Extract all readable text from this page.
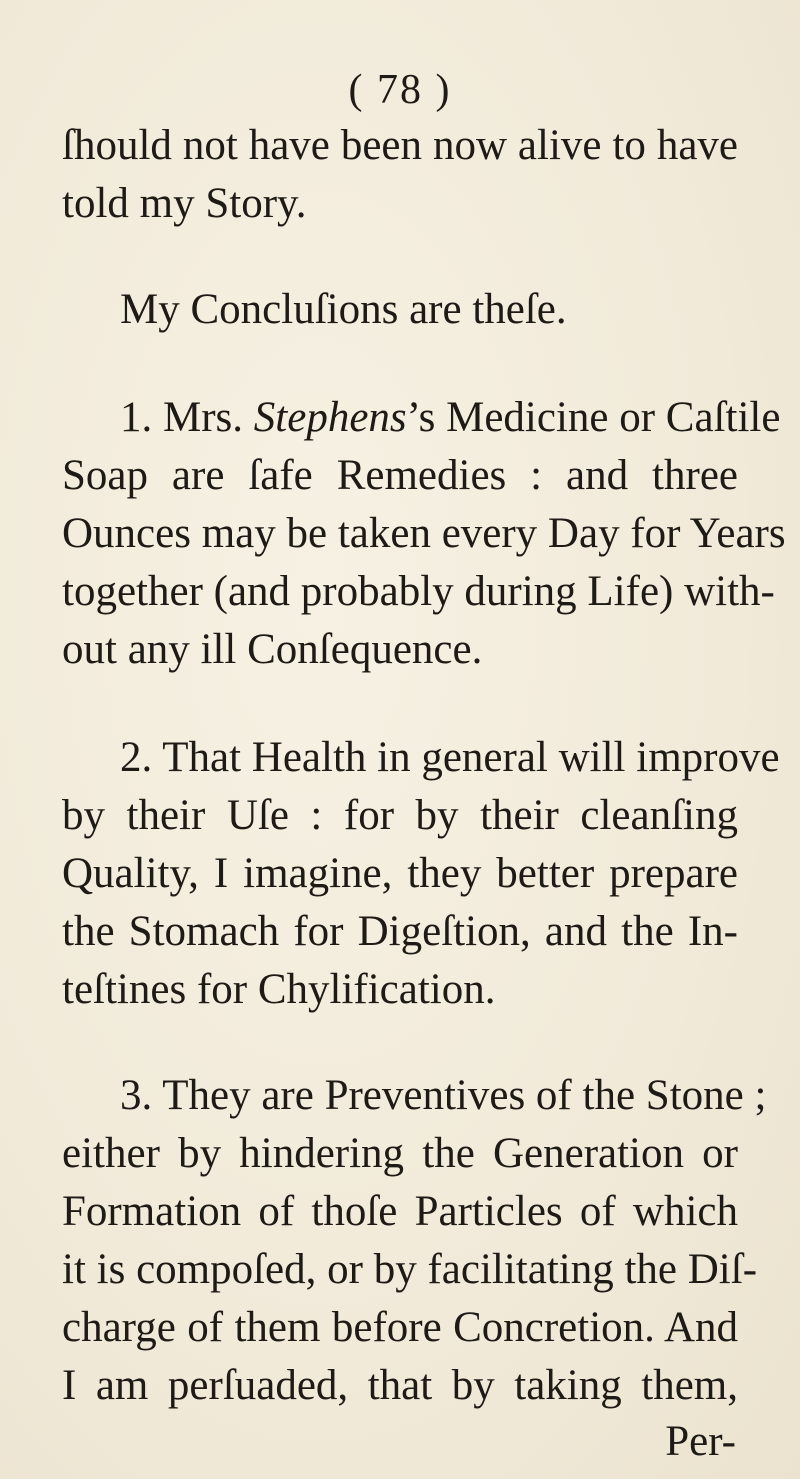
( 78 )
ſhould not have been now alive to have
told my Story.
My Concluſions are theſe.
1. Mrs. Stephens’s Medicine or Caſtile
Soap are ſafe Remedies : and three
Ounces may be taken every Day for Years
together (and probably during Life) with-
out any ill Conſequence.
2. That Health in general will improve
by their Uſe : for by their cleanſing
Quality, I imagine, they better prepare
the Stomach for Digeſtion, and the In-
teſtines for Chylification.
3. They are Preventives of the Stone ;
either by hindering the Generation or
Formation of thoſe Particles of which
it is compoſed, or by facilitating the Diſ-
charge of them before Concretion. And
I am perſuaded, that by taking them,
Per-
